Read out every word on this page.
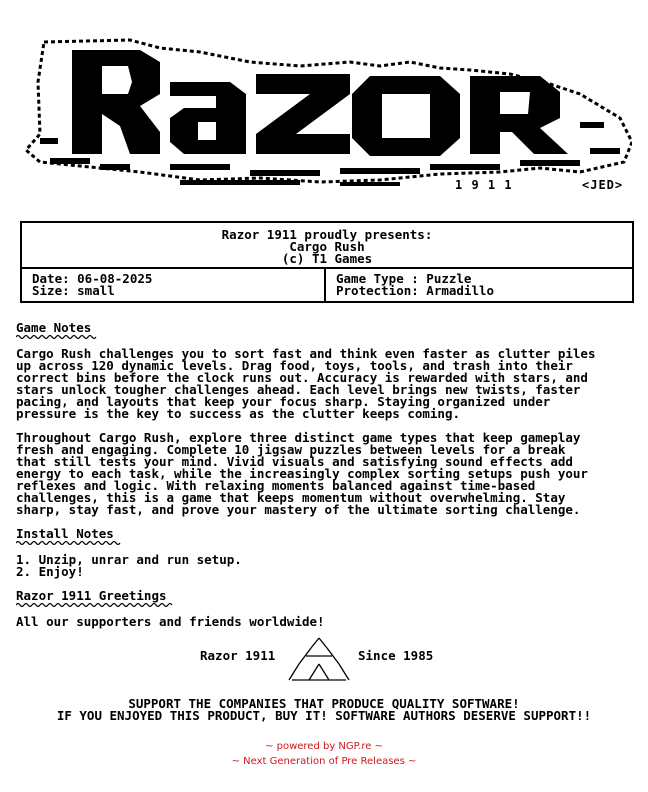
1 9 1 1	<JED>
Razor 1911 proudly presents:
Cargo Rush
(c) T1 Games
Date: 06-08-2025
Size: small
Game Type : Puzzle
Protection: Armadillo
Game Notes

Cargo Rush challenges you to sort fast and think even faster as clutter piles
up across 120 dynamic levels. Drag food, toys, tools, and trash into their
correct bins before the clock runs out. Accuracy is rewarded with stars, and
stars unlock tougher challenges ahead. Each level brings new twists, faster
pacing, and layouts that keep your focus sharp. Staying organized under
pressure is the key to success as the clutter keeps coming.

Throughout Cargo Rush, explore three distinct game types that keep gameplay
fresh and engaging. Complete 10 jigsaw puzzles between levels for a break
that still tests your mind. Vivid visuals and satisfying sound effects add
energy to each task, while the increasingly complex sorting setups push your
reflexes and logic. With relaxing moments balanced against time-based
challenges, this is a game that keeps momentum without overwhelming. Stay
sharp, stay fast, and prove your mastery of the ultimate sorting challenge.

Install Notes
1. Unzip, unrar and run setup.
2. Enjoy!
Razor 1911 Greetings
All our supporters and friends worldwide!
Razor 1911	Since 1985
SUPPORT THE COMPANIES THAT PRODUCE QUALITY SOFTWARE!
IF YOU ENJOYED THIS PRODUCT, BUY IT! SOFTWARE AUTHORS DESERVE SUPPORT!!
~ powered by NGP.re ~
~ Next Generation of Pre Releases ~
